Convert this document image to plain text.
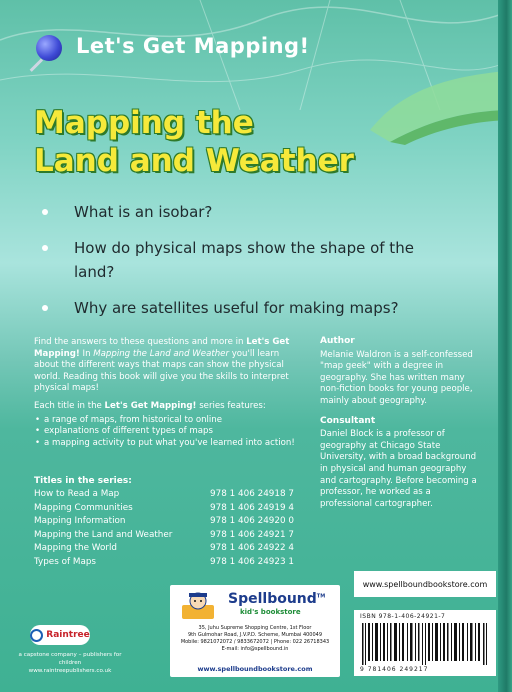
Let's Get Mapping!
Mapping the
Land and Weather
What is an isobar?
How do physical maps show the shape of the land?
Why are satellites useful for making maps?

Find the answers to these questions and more in Let's Get Mapping! In Mapping the Land and Weather you'll learn about the different ways that maps can show the physical world. Reading this book will give you the skills to interpret physical maps!

Each title in the Let's Get Mapping! series features:

• a range of maps, from historical to online
• explanations of different types of maps
• a mapping activity to put what you've learned into action!
Titles in the series:
How to Read a Map	978 1 406 24918 7
Mapping Communities	978 1 406 24919 4
Mapping Information	978 1 406 24920 0
Mapping the Land and Weather	978 1 406 24921 7
Mapping the World	978 1 406 24922 4
Types of Maps	978 1 406 24923 1
Author

Melanie Waldron is a self-confessed "map geek" with a degree in geography. She has written many non-fiction books for young people, mainly about geography.

Consultant

Daniel Block is a professor of geography at Chicago State University, with a broad background in physical and human geography and cartography. Before becoming a professor, he worked as a professional cartographer.

www.spellboundbookstore.com
ISBN 978-1-406-24921-7
9 781406 249217
Raintree
a capstone company – publishers for children
www.raintreepublishers.co.uk
Spellbound™
kid's bookstore
35, Juhu Supreme Shopping Centre, 1st Floor
9th Gulmohar Road, J.V.P.D. Scheme, Mumbai 400049
Mobile: 9821072072 / 9833672072 | Phone: 022 26718343
E-mail: info@spellbound.in
www.spellboundbookstore.com
